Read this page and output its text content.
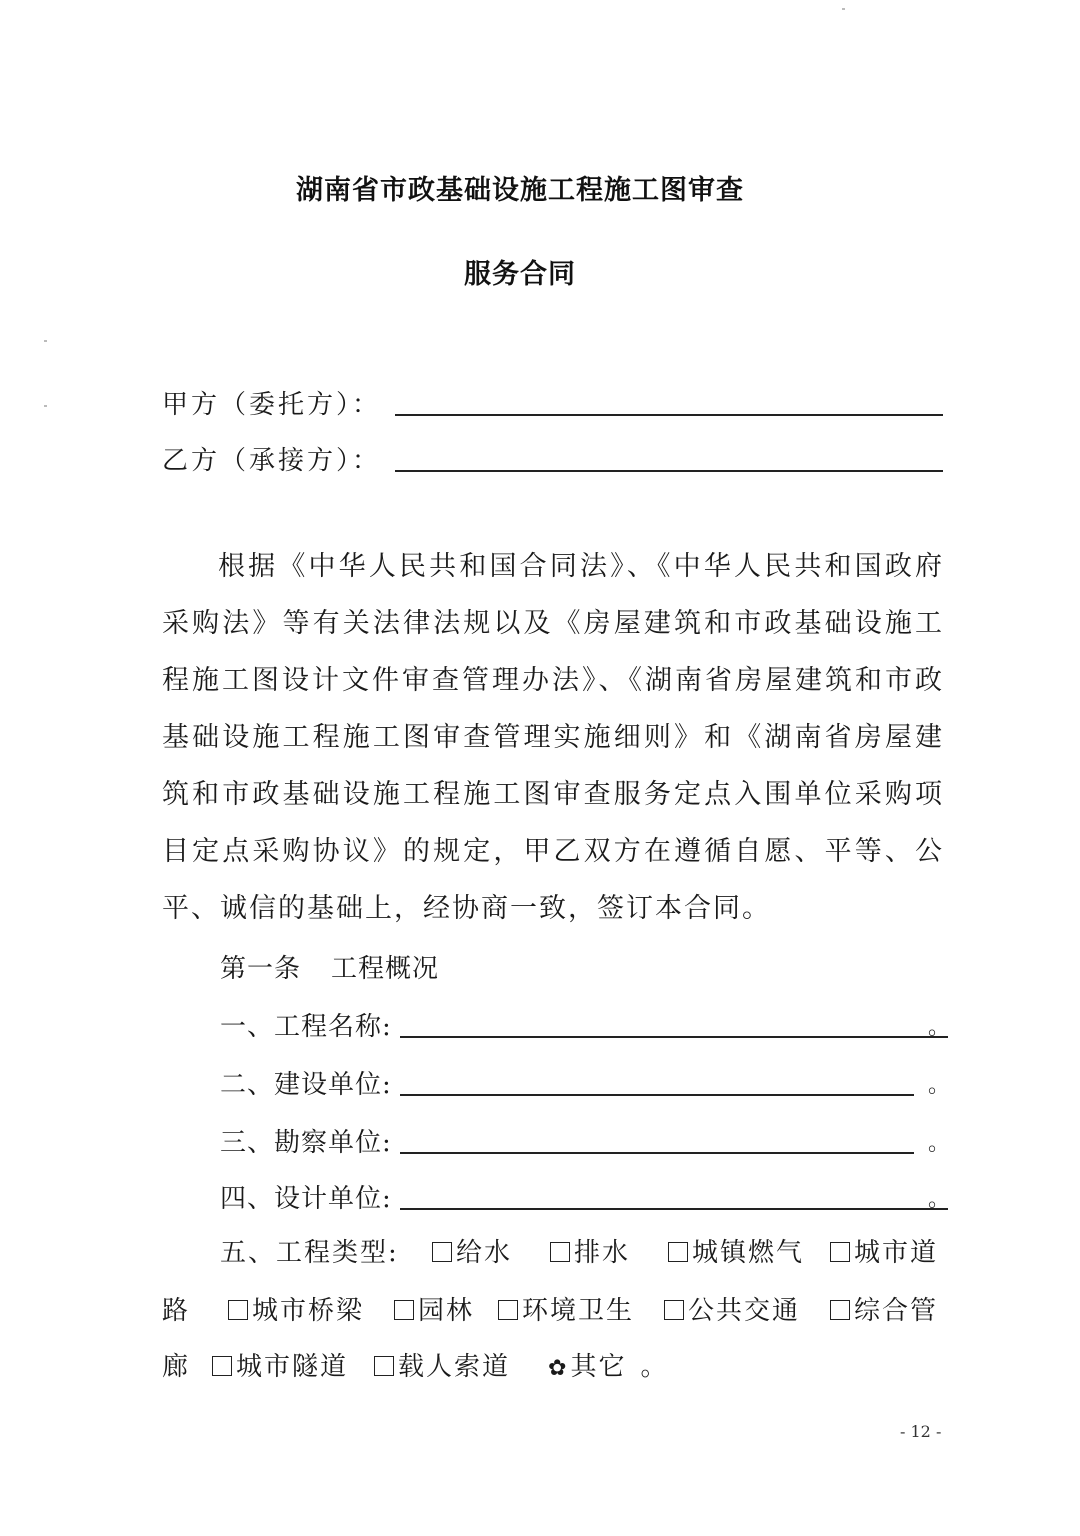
湖南省市政基础设施工程施工图审查
服务合同
甲方（委托方）：
乙方（承接方）：

根据《中华人民共和国合同法》、《中华人民共和国政府采购法》等有关法律法规以及《房屋建筑和市政基础设施工程施工图设计文件审查管理办法》、《湖南省房屋建筑和市政基础设施工程施工图审查管理实施细则》和《湖南省房屋建筑和市政基础设施工程施工图审查服务定点入围单位采购项目定点采购协议》的规定，甲乙双方在遵循自愿、平等、公平、诚信的基础上，经协商一致，签订本合同。

第一条 工程概况
一、工程名称:	。
二、建设单位:	。
三、勘察单位:	。
四、设计单位:	。
五、工程类型:	给水	排水	城镇燃气	城市道
路	城市桥梁	园林	环境卫生	公共交通	综合管
廊	城市隧道	载人索道 ✿其它 。
- 12 -
